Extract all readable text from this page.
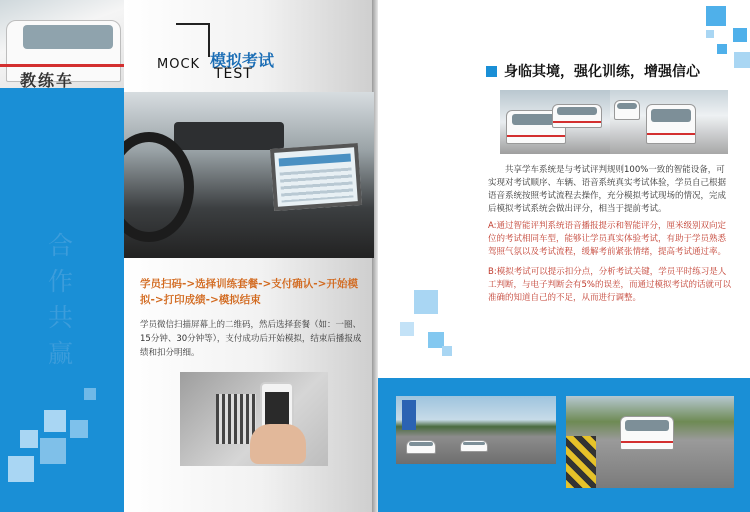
教练车
合作共赢
MOCK 模拟考试
TEST
学员扫码->选择训练套餐->支付确认->开始模拟->打印成绩->模拟结束
学员微信扫描屏幕上的二维码，然后选择套餐（如：一圈、15分钟、30分钟等），支付成功后开始模拟，结束后播报成绩和扣分明细。
身临其境，强化训练，增强信心
共享学车系统是与考试评判规则100%一致的智能设备，可实现对考试顺序、车辆、语音系统真实考试体验，学员自己根据语音系统按照考试流程去操作，充分模拟考试现场的情况，完成后模拟考试系统会做出评分，相当于提前考试。
A:通过智能评判系统语音播报提示和智能评分，厘米级别双向定位的考试相同车型，能够让学员真实体验考试，有助于学员熟悉驾照气氛以及考试流程，缓解考前紧张情绪，提高考试通过率。
B:模拟考试可以提示扣分点，分析考试关键，学员平时练习是人工判断，与电子判断会有5%的误差，而通过模拟考试的话就可以准确的知道自己的不足，从而进行调整。
